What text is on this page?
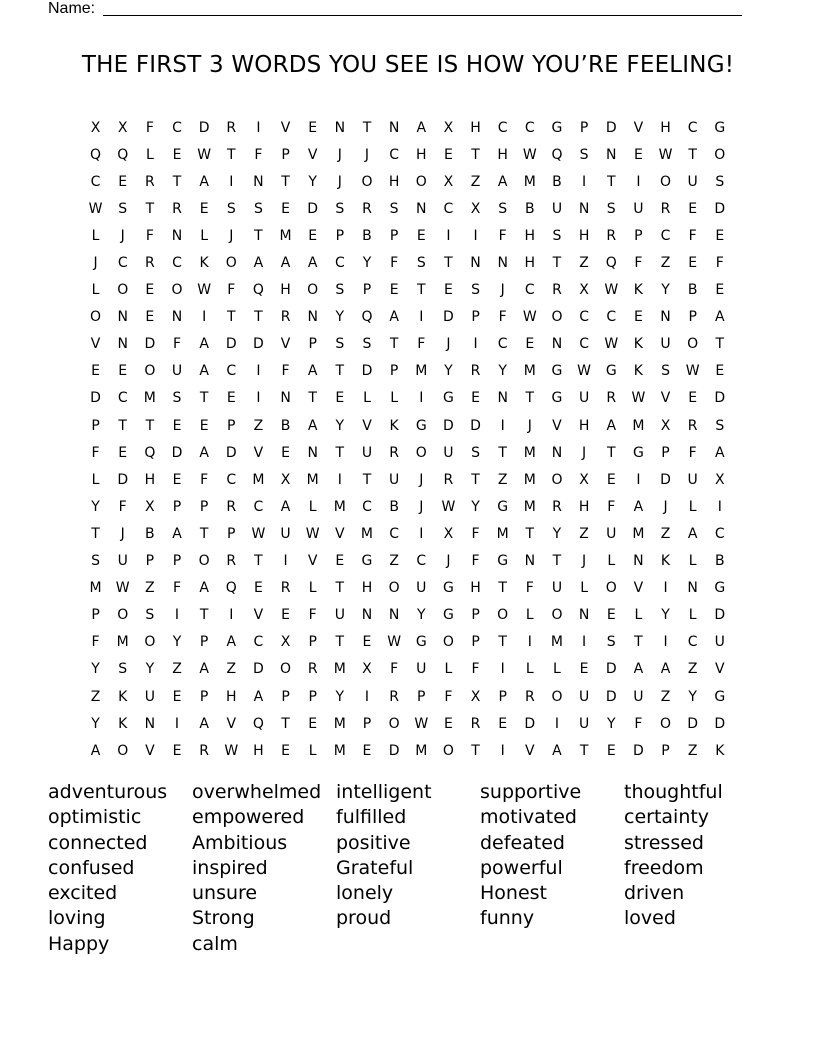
Name:
THE FIRST 3 WORDS YOU SEE IS HOW YOU’RE FEELING!
X	X	F	C	D	R	I	V	E	N	T	N	A	X	H	C	C	G	P	D	V	H	C	G
Q	Q	L	E	W	T	F	P	V	J	J	C	H	E	T	H	W	Q	S	N	E	W	T	O
C	E	R	T	A	I	N	T	Y	J	O	H	O	X	Z	A	M	B	I	T	I	O	U	S
W	S	T	R	E	S	S	E	D	S	R	S	N	C	X	S	B	U	N	S	U	R	E	D
L	J	F	N	L	J	T	M	E	P	B	P	E	I	I	F	H	S	H	R	P	C	F	E
J	C	R	C	K	O	A	A	A	C	Y	F	S	T	N	N	H	T	Z	Q	F	Z	E	F
L	O	E	O	W	F	Q	H	O	S	P	E	T	E	S	J	C	R	X	W	K	Y	B	E
O	N	E	N	I	T	T	R	N	Y	Q	A	I	D	P	F	W	O	C	C	E	N	P	A
V	N	D	F	A	D	D	V	P	S	S	T	F	J	I	C	E	N	C	W	K	U	O	T
E	E	O	U	A	C	I	F	A	T	D	P	M	Y	R	Y	M	G	W	G	K	S	W	E
D	C	M	S	T	E	I	N	T	E	L	L	I	G	E	N	T	G	U	R	W	V	E	D
P	T	T	E	E	P	Z	B	A	Y	V	K	G	D	D	I	J	V	H	A	M	X	R	S
F	E	Q	D	A	D	V	E	N	T	U	R	O	U	S	T	M	N	J	T	G	P	F	A
L	D	H	E	F	C	M	X	M	I	T	U	J	R	T	Z	M	O	X	E	I	D	U	X
Y	F	X	P	P	R	C	A	L	M	C	B	J	W	Y	G	M	R	H	F	A	J	L	I
T	J	B	A	T	P	W	U	W	V	M	C	I	X	F	M	T	Y	Z	U	M	Z	A	C
S	U	P	P	O	R	T	I	V	E	G	Z	C	J	F	G	N	T	J	L	N	K	L	B
M	W	Z	F	A	Q	E	R	L	T	H	O	U	G	H	T	F	U	L	O	V	I	N	G
P	O	S	I	T	I	V	E	F	U	N	N	Y	G	P	O	L	O	N	E	L	Y	L	D
F	M	O	Y	P	A	C	X	P	T	E	W	G	O	P	T	I	M	I	S	T	I	C	U
Y	S	Y	Z	A	Z	D	O	R	M	X	F	U	L	F	I	L	L	E	D	A	A	Z	V
Z	K	U	E	P	H	A	P	P	Y	I	R	P	F	X	P	R	O	U	D	U	Z	Y	G
Y	K	N	I	A	V	Q	T	E	M	P	O	W	E	R	E	D	I	U	Y	F	O	D	D
A	O	V	E	R	W	H	E	L	M	E	D	M	O	T	I	V	A	T	E	D	P	Z	K
adventurous
optimistic
connected
confused
excited
loving
Happy
overwhelmed
empowered
Ambitious
inspired
unsure
Strong
calm
intelligent
fulfilled
positive
Grateful
lonely
proud
supportive
motivated
defeated
powerful
Honest
funny
thoughtful
certainty
stressed
freedom
driven
loved
